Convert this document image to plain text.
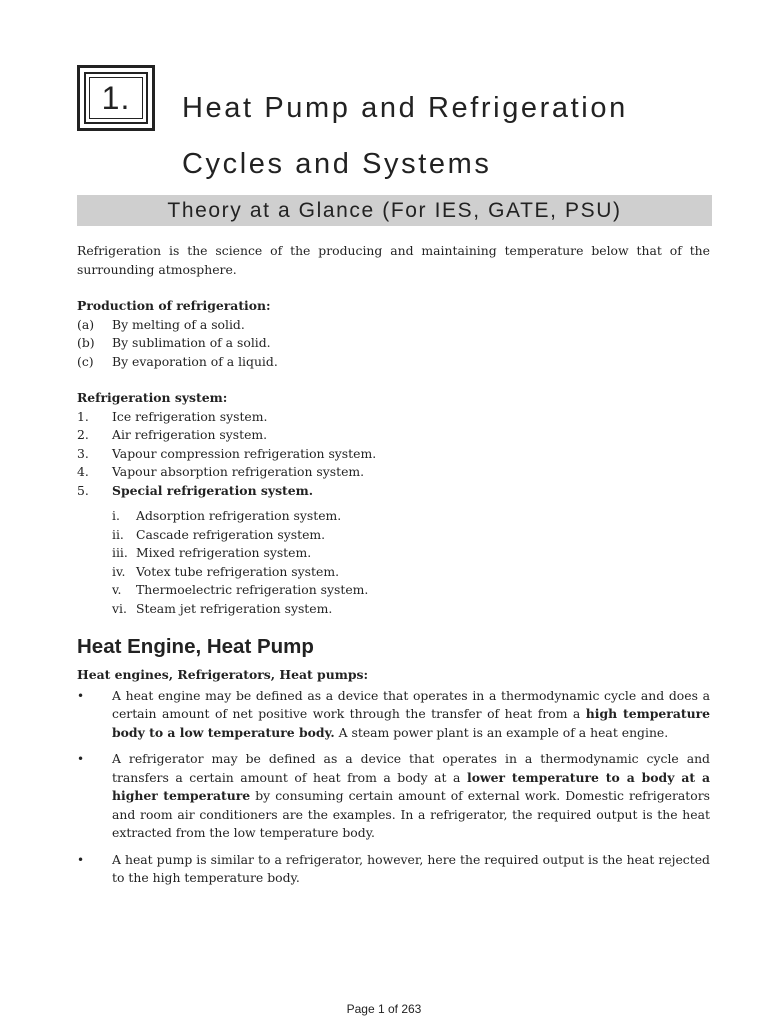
1.	Heat Pump and Refrigeration
Cycles and Systems
Theory at a Glance (For IES, GATE, PSU)

Refrigeration is the science of the producing and maintaining temperature below that of the surrounding atmosphere.

Production of refrigeration:

(a)	By melting of a solid.
(b)	By sublimation of a solid.
(c)	By evaporation of a liquid.

Refrigeration system:

1.	Ice refrigeration system.
2.	Air refrigeration system.
3.	Vapour compression refrigeration system.
4.	Vapour absorption refrigeration system.
5.	Special refrigeration system.
i.	Adsorption refrigeration system.
ii. Cascade refrigeration system.
iii. Mixed refrigeration system.
iv. Votex tube refrigeration system.
v.	Thermoelectric refrigeration system.
vi. Steam jet refrigeration system.
Heat Engine, Heat Pump

Heat engines, Refrigerators, Heat pumps:

•	A heat engine may be defined as a device that operates in a thermodynamic cycle and does a certain amount of net positive work through the transfer of heat from a high temperature body to a low temperature body. A steam power plant is an example of a heat engine.
•	A refrigerator may be defined as a device that operates in a thermodynamic cycle and transfers a certain amount of heat from a body at a lower temperature to a body at a higher temperature by consuming certain amount of external work. Domestic refrigerators and room air conditioners are the examples. In a refrigerator, the required output is the heat extracted from the low temperature body.
•	A heat pump is similar to a refrigerator, however, here the required output is the heat rejected to the high temperature body.
Page 1 of 263
